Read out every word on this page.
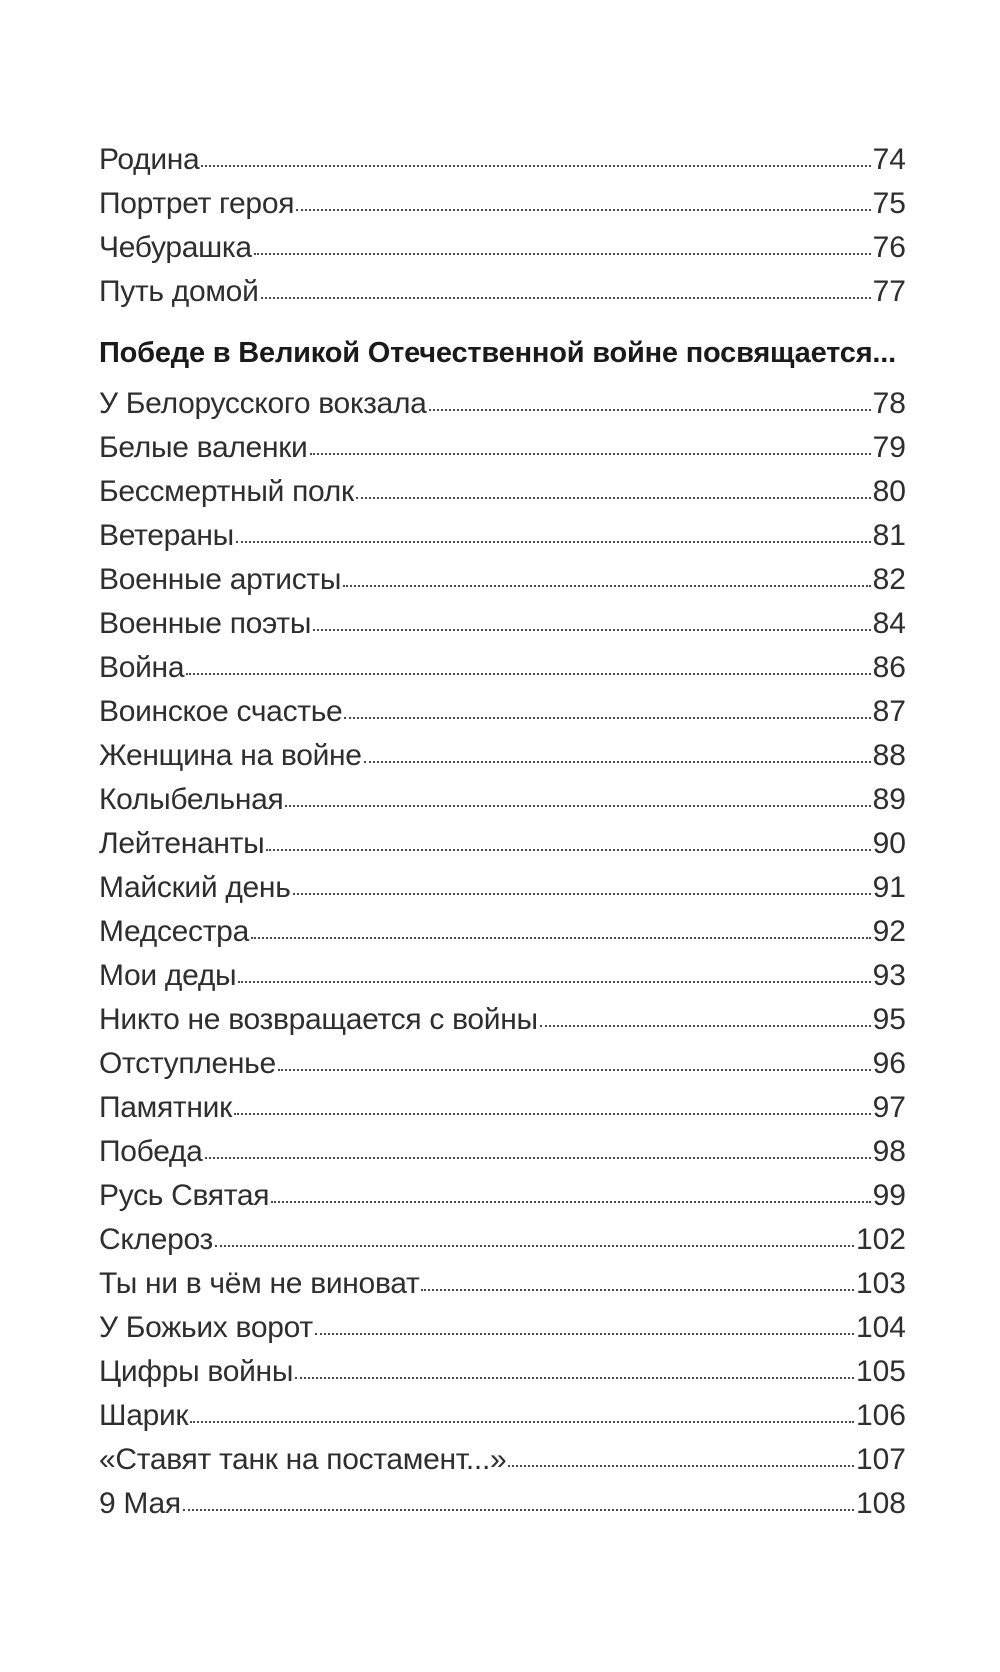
Родина	74
Портрет героя	75
Чебурашка	76
Путь домой	77
Победе в Великой Отечественной войне посвящается...
У Белорусского вокзала	78
Белые валенки	79
Бессмертный полк	80
Ветераны	81
Военные артисты	82
Военные поэты	84
Война	86
Воинское счастье	87
Женщина на войне	88
Колыбельная	89
Лейтенанты	90
Майский день	91
Медсестра	92
Мои деды	93
Никто не возвращается с войны	95
Отступленье	96
Памятник	97
Победа	98
Русь Святая	99
Склероз	102
Ты ни в чём не виноват	103
У Божьих ворот	104
Цифры войны	105
Шарик	106
«Ставят танк на постамент...»	107
9 Мая	108
